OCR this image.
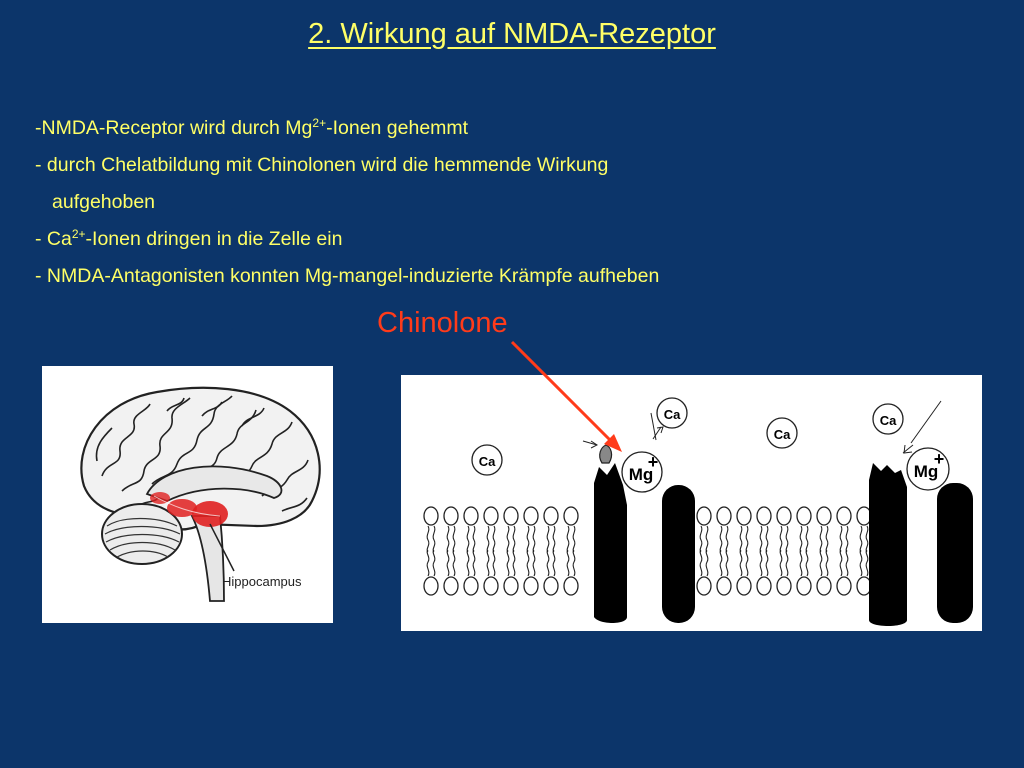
2. Wirkung auf NMDA-Rezeptor
-NMDA-Receptor wird durch $Mg^{2+}$-Ionen gehemmt
- durch Chelatbildung mit Chinolonen wird die hemmende Wirkung
aufgehoben
- $Ca^{2+}$-Ionen dringen in die Zelle ein
- NMDA-Antagonisten konnten Mg-mangel-induzierte Krämpfe aufheben
Chinolone
Hippocampus
Ca
Ca
Ca
Ca
Mg
+	Mg
+
